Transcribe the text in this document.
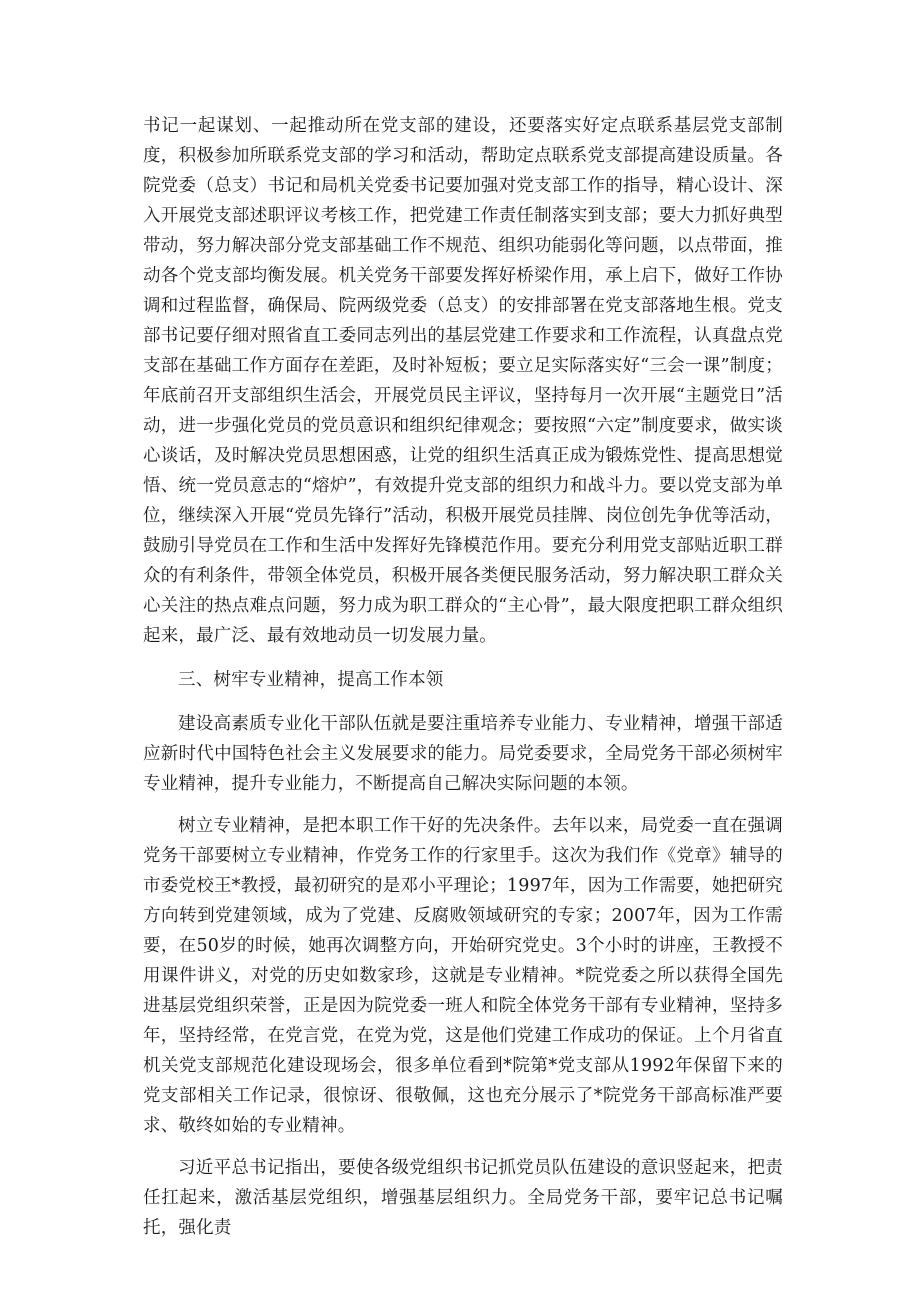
书记一起谋划、一起推动所在党支部的建设，还要落实好定点联系基层党支部制度，积极参加所联系党支部的学习和活动，帮助定点联系党支部提高建设质量。各院党委（总支）书记和局机关党委书记要加强对党支部工作的指导，精心设计、深入开展党支部述职评议考核工作，把党建工作责任制落实到支部；要大力抓好典型带动，努力解决部分党支部基础工作不规范、组织功能弱化等问题，以点带面，推动各个党支部均衡发展。机关党务干部要发挥好桥梁作用，承上启下，做好工作协调和过程监督，确保局、院两级党委（总支）的安排部署在党支部落地生根。党支部书记要仔细对照省直工委同志列出的基层党建工作要求和工作流程，认真盘点党支部在基础工作方面存在差距，及时补短板；要立足实际落实好“三会一课”制度；年底前召开支部组织生活会，开展党员民主评议，坚持每月一次开展“主题党日”活动，进一步强化党员的党员意识和组织纪律观念；要按照“六定”制度要求，做实谈心谈话，及时解决党员思想困惑，让党的组织生活真正成为锻炼党性、提高思想觉悟、统一党员意志的“熔炉”，有效提升党支部的组织力和战斗力。要以党支部为单位，继续深入开展“党员先锋行”活动，积极开展党员挂牌、岗位创先争优等活动，鼓励引导党员在工作和生活中发挥好先锋模范作用。要充分利用党支部贴近职工群众的有利条件，带领全体党员，积极开展各类便民服务活动，努力解决职工群众关心关注的热点难点问题，努力成为职工群众的“主心骨”，最大限度把职工群众组织起来，最广泛、最有效地动员一切发展力量。

三、树牢专业精神，提高工作本领

建设高素质专业化干部队伍就是要注重培养专业能力、专业精神，增强干部适应新时代中国特色社会主义发展要求的能力。局党委要求，全局党务干部必须树牢专业精神，提升专业能力，不断提高自己解决实际问题的本领。

树立专业精神，是把本职工作干好的先决条件。去年以来，局党委一直在强调党务干部要树立专业精神，作党务工作的行家里手。这次为我们作《党章》辅导的市委党校王*教授，最初研究的是邓小平理论；1997年，因为工作需要，她把研究方向转到党建领域，成为了党建、反腐败领域研究的专家；2007年，因为工作需要，在50岁的时候，她再次调整方向，开始研究党史。3个小时的讲座，王教授不用课件讲义，对党的历史如数家珍，这就是专业精神。*院党委之所以获得全国先进基层党组织荣誉，正是因为院党委一班人和院全体党务干部有专业精神，坚持多年，坚持经常，在党言党，在党为党，这是他们党建工作成功的保证。上个月省直机关党支部规范化建设现场会，很多单位看到*院第*党支部从1992年保留下来的党支部相关工作记录，很惊讶、很敬佩，这也充分展示了*院党务干部高标准严要求、敬终如始的专业精神。

习近平总书记指出，要使各级党组织书记抓党员队伍建设的意识竖起来，把责任扛起来，激活基层党组织，增强基层组织力。全局党务干部，要牢记总书记嘱托，强化责
